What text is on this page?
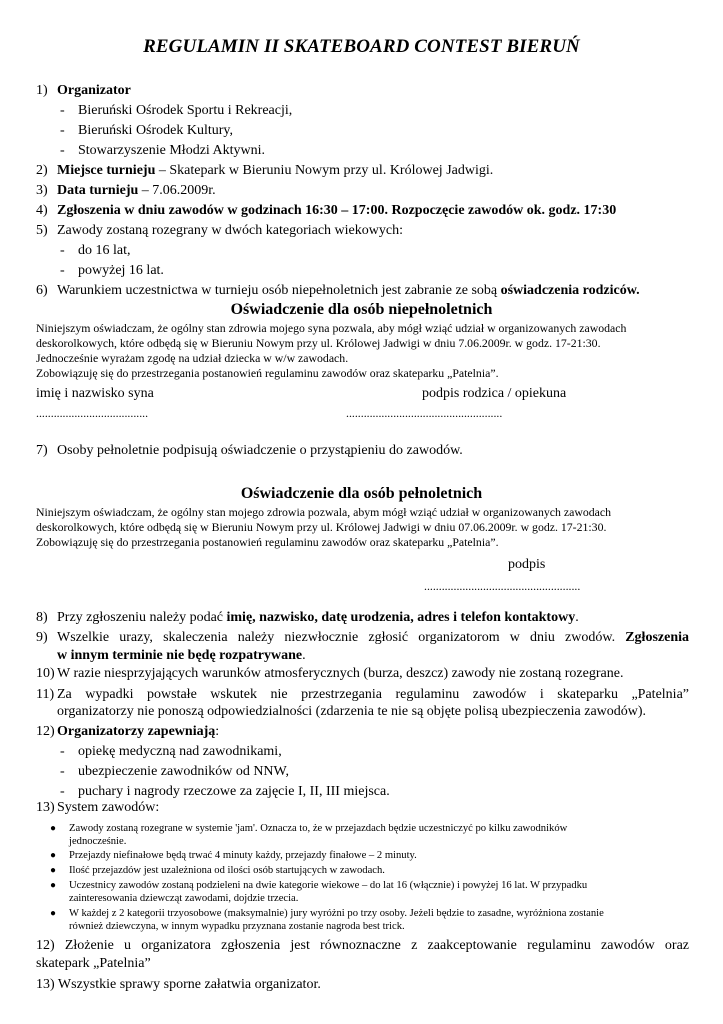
REGULAMIN II SKATEBOARD CONTEST BIERUŃ
1) Organizator
- Bieruński Ośrodek Sportu i Rekreacji,
- Bieruński Ośrodek Kultury,
- Stowarzyszenie Młodzi Aktywni.
2) Miejsce turnieju – Skatepark w Bieruniu Nowym przy ul. Królowej Jadwigi.
3) Data turnieju – 7.06.2009r.
4) Zgłoszenia w dniu zawodów w godzinach 16:30 – 17:00. Rozpoczęcie zawodów ok. godz. 17:30
5) Zawody zostaną rozegrany w dwóch kategoriach wiekowych:
- do 16 lat,
- powyżej 16 lat.
6) Warunkiem uczestnictwa w turnieju osób niepełnoletnich jest zabranie ze sobą oświadczenia rodziców.
Oświadczenie dla osób niepełnoletnich
Niniejszym oświadczam, że ogólny stan zdrowia mojego syna pozwala, aby mógł wziąć udział w organizowanych zawodach
deskorolkowych, które odbędą się w Bieruniu Nowym przy ul. Królowej Jadwigi w dniu 7.06.2009r. w godz. 17-21:30.
Jednocześnie wyrażam zgodę na udział dziecka w w/w zawodach.
Zobowiązuję się do przestrzegania postanowień regulaminu zawodów oraz skateparku „Patelnia”.
imię i nazwisko syna	podpis rodzica / opiekuna
......................................	.....................................................
7) Osoby pełnoletnie podpisują oświadczenie o przystąpieniu do zawodów.
Oświadczenie dla osób pełnoletnich
Niniejszym oświadczam, że ogólny stan mojego zdrowia pozwala, abym mógł wziąć udział w organizowanych zawodach
deskorolkowych, które odbędą się w Bieruniu Nowym przy ul. Królowej Jadwigi w dniu 07.06.2009r. w godz. 17-21:30.
Zobowiązuję się do przestrzegania postanowień regulaminu zawodów oraz skateparku „Patelnia”.
podpis
.....................................................
8) Przy zgłoszeniu należy podać imię, nazwisko, datę urodzenia, adres i telefon kontaktowy.
9) Wszelkie urazy, skaleczenia należy niezwłocznie zgłosić organizatorom w dniu zwodów. Zgłoszenia
w innym terminie nie będę rozpatrywane.
10) W razie niesprzyjających warunków atmosferycznych (burza, deszcz) zawody nie zostaną rozegrane.
11) Za wypadki powstałe wskutek nie przestrzegania regulaminu zawodów i skateparku „Patelnia”
organizatorzy nie ponoszą odpowiedzialności (zdarzenia te nie są objęte polisą ubezpieczenia zawodów).
12) Organizatorzy zapewniają:
- opiekę medyczną nad zawodnikami,
- ubezpieczenie zawodników od NNW,
- puchary i nagrody rzeczowe za zajęcie I, II, III miejsca.
13) System zawodów:
● Zawody zostaną rozegrane w systemie 'jam'. Oznacza to, że w przejazdach będzie uczestniczyć po kilku zawodników
jednocześnie.
● Przejazdy niefinałowe będą trwać 4 minuty każdy, przejazdy finałowe – 2 minuty.
● Ilość przejazdów jest uzależniona od ilości osób startujących w zawodach.
● Uczestnicy zawodów zostaną podzieleni na dwie kategorie wiekowe – do lat 16 (włącznie) i powyżej 16 lat. W przypadku
zainteresowania dziewcząt zawodami, dojdzie trzecia.
● W każdej z 2 kategorii trzyosobowe (maksymalnie) jury wyróżni po trzy osoby. Jeżeli będzie to zasadne, wyróżniona zostanie
również dziewczyna, w innym wypadku przyznana zostanie nagroda best trick.
12) Złożenie u organizatora zgłoszenia jest równoznaczne z zaakceptowanie regulaminu zawodów oraz
skatepark „Patelnia”
13) Wszystkie sprawy sporne załatwia organizator.
